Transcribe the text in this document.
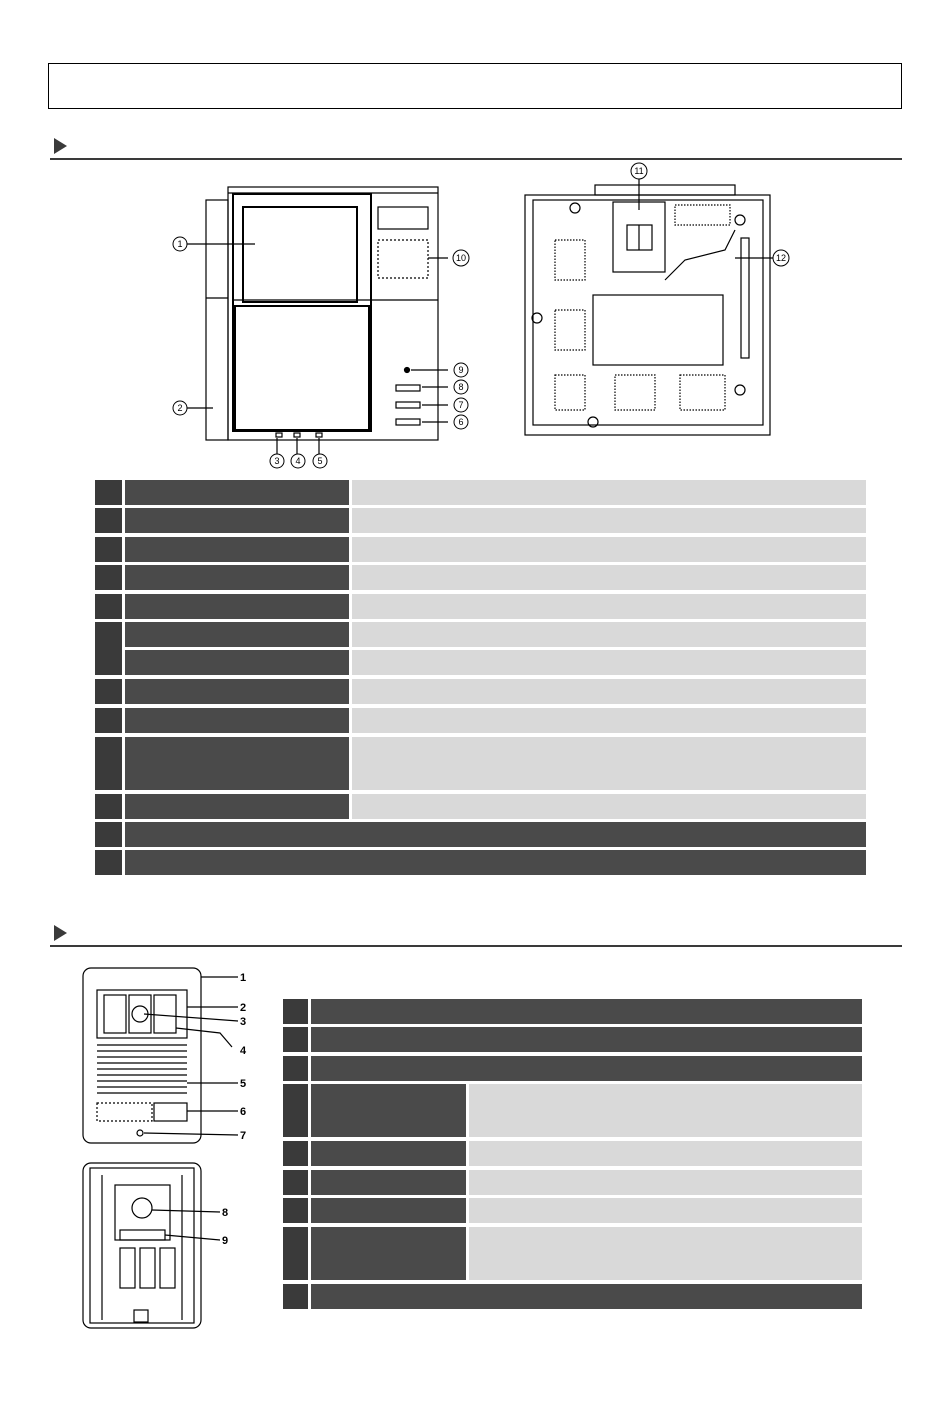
1
2
3 4 5
6
7
8
9
10
11
12
1
2
3
4
5
6
7
8
9
